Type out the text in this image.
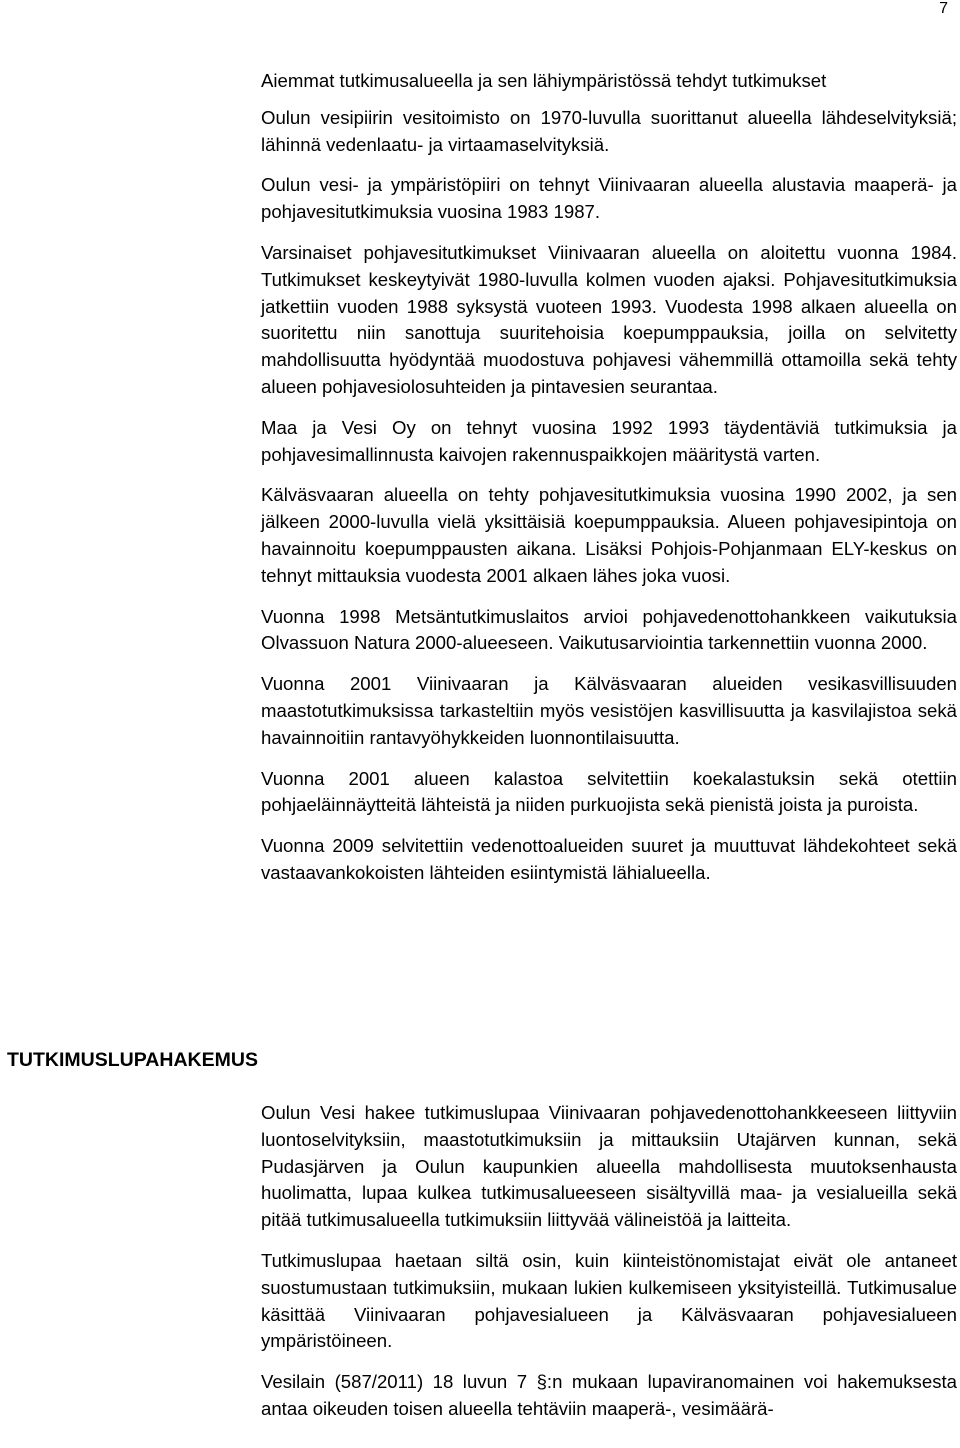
7
Aiemmat tutkimusalueella ja sen lähiympäristössä tehdyt tutkimukset

Oulun vesipiirin vesitoimisto on 1970-luvulla suorittanut alueella lähdeselvityksiä; lähinnä vedenlaatu- ja virtaamaselvityksiä.

Oulun vesi- ja ympäristöpiiri on tehnyt Viinivaaran alueella alustavia maaperä- ja pohjavesitutkimuksia vuosina 1983 1987.

Varsinaiset pohjavesitutkimukset Viinivaaran alueella on aloitettu vuonna 1984. Tutkimukset keskeytyivät 1980-luvulla kolmen vuoden ajaksi. Pohjavesitutkimuksia jatkettiin vuoden 1988 syksystä vuoteen 1993. Vuodesta 1998 alkaen alueella on suoritettu niin sanottuja suuritehoisia koepumppauksia, joilla on selvitetty mahdollisuutta hyödyntää muodostuva pohjavesi vähemmillä ottamoilla sekä tehty alueen pohjavesiolosuhteiden ja pintavesien seurantaa.

Maa ja Vesi Oy on tehnyt vuosina 1992 1993 täydentäviä tutkimuksia ja pohjavesimallinnusta kaivojen rakennuspaikkojen määritystä varten.

Kälväsvaaran alueella on tehty pohjavesitutkimuksia vuosina 1990 2002, ja sen jälkeen 2000-luvulla vielä yksittäisiä koepumppauksia. Alueen pohjavesipintoja on havainnoitu koepumppausten aikana. Lisäksi Pohjois-Pohjanmaan ELY-keskus on tehnyt mittauksia vuodesta 2001 alkaen lähes joka vuosi.

Vuonna 1998 Metsäntutkimuslaitos arvioi pohjavedenottohankkeen vaikutuksia Olvassuon Natura 2000-alueeseen. Vaikutusarviointia tarkennettiin vuonna 2000.

Vuonna 2001 Viinivaaran ja Kälväsvaaran alueiden vesikasvillisuuden maastotutkimuksissa tarkasteltiin myös vesistöjen kasvillisuutta ja kasvilajistoa sekä havainnoitiin rantavyöhykkeiden luonnontilaisuutta.

Vuonna 2001 alueen kalastoa selvitettiin koekalastuksin sekä otettiin pohjaeläinnäytteitä lähteistä ja niiden purkuojista sekä pienistä joista ja puroista.

Vuonna 2009 selvitettiin vedenottoalueiden suuret ja muuttuvat lähdekohteet sekä vastaavankokoisten lähteiden esiintymistä lähialueella.

TUTKIMUSLUPAHAKEMUS

Oulun Vesi hakee tutkimuslupaa Viinivaaran pohjavedenottohankkeeseen liittyviin luontoselvityksiin, maastotutkimuksiin ja mittauksiin Utajärven kunnan, sekä Pudasjärven ja Oulun kaupunkien alueella mahdollisesta muutoksenhausta huolimatta, lupaa kulkea tutkimusalueeseen sisältyvillä maa- ja vesialueilla sekä pitää tutkimusalueella tutkimuksiin liittyvää välineistöä ja laitteita.

Tutkimuslupaa haetaan siltä osin, kuin kiinteistönomistajat eivät ole antaneet suostumustaan tutkimuksiin, mukaan lukien kulkemiseen yksityisteillä. Tutkimusalue käsittää Viinivaaran pohjavesialueen ja Kälväsvaaran pohjavesialueen ympäristöineen.

Vesilain (587/2011) 18 luvun 7 §:n mukaan lupaviranomainen voi hakemuksesta antaa oikeuden toisen alueella tehtäviin maaperä-, vesimäärä-
